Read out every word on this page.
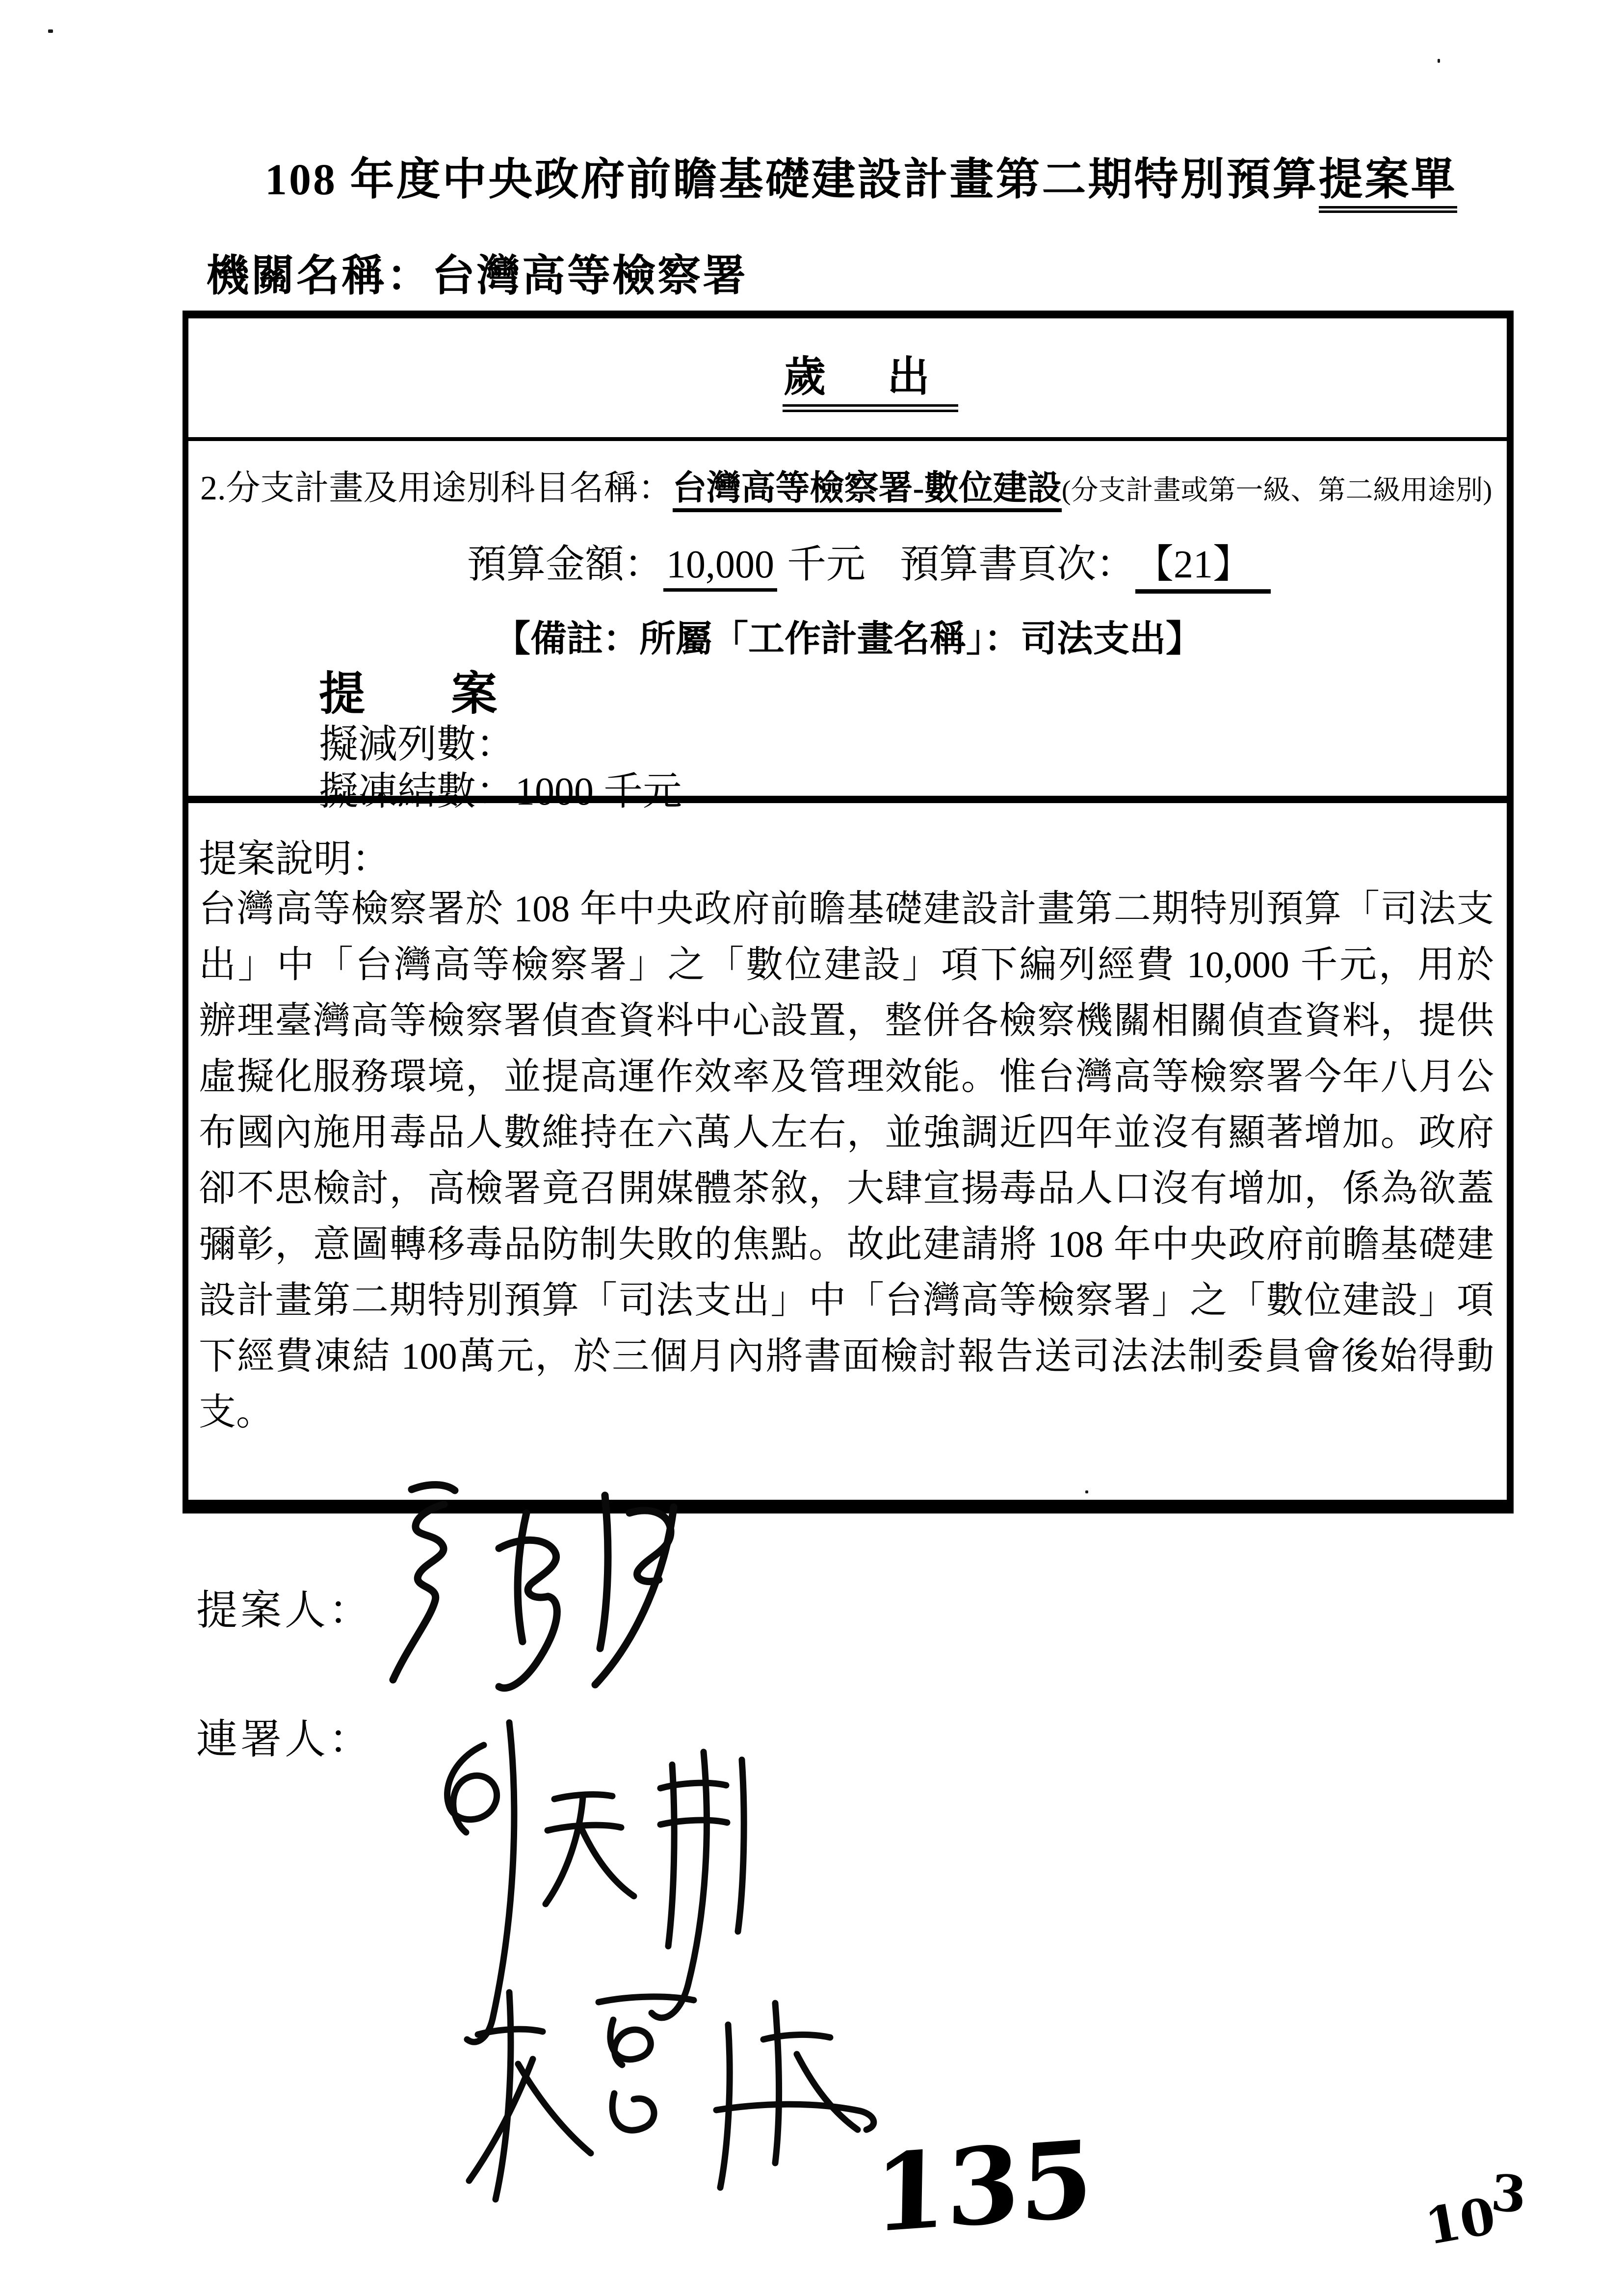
108 年度中央政府前瞻基礎建設計畫第二期特別預算提案單
機關名稱：台灣高等檢察署
歲 出
2.分支計畫及用途別科目名稱：台灣高等檢察署-數位建設(分支計畫或第一級、第二級用途別)
預算金額：10,000 千元 預算書頁次： 【21】
【備註：所屬「工作計畫名稱」：司法支出】
提 案
擬減列數：
擬凍結數：1000 千元
提案說明：
台灣高等檢察署於 108 年中央政府前瞻基礎建設計畫第二期特別預算「司法支
出」中「台灣高等檢察署」之「數位建設」項下編列經費 10,000 千元，用於
辦理臺灣高等檢察署偵查資料中心設置，整併各檢察機關相關偵查資料，提供
虛擬化服務環境，並提高運作效率及管理效能。惟台灣高等檢察署今年八月公
布國內施用毒品人數維持在六萬人左右，並強調近四年並沒有顯著增加。政府
卻不思檢討，高檢署竟召開媒體茶敘，大肆宣揚毒品人口沒有增加，係為欲蓋
彌彰，意圖轉移毒品防制失敗的焦點。故此建請將 108 年中央政府前瞻基礎建
設計畫第二期特別預算「司法支出」中「台灣高等檢察署」之「數位建設」項
下經費凍結 100萬元，於三個月內將書面檢討報告送司法法制委員會後始得動
支。
提案人：
連署人：
135	103
